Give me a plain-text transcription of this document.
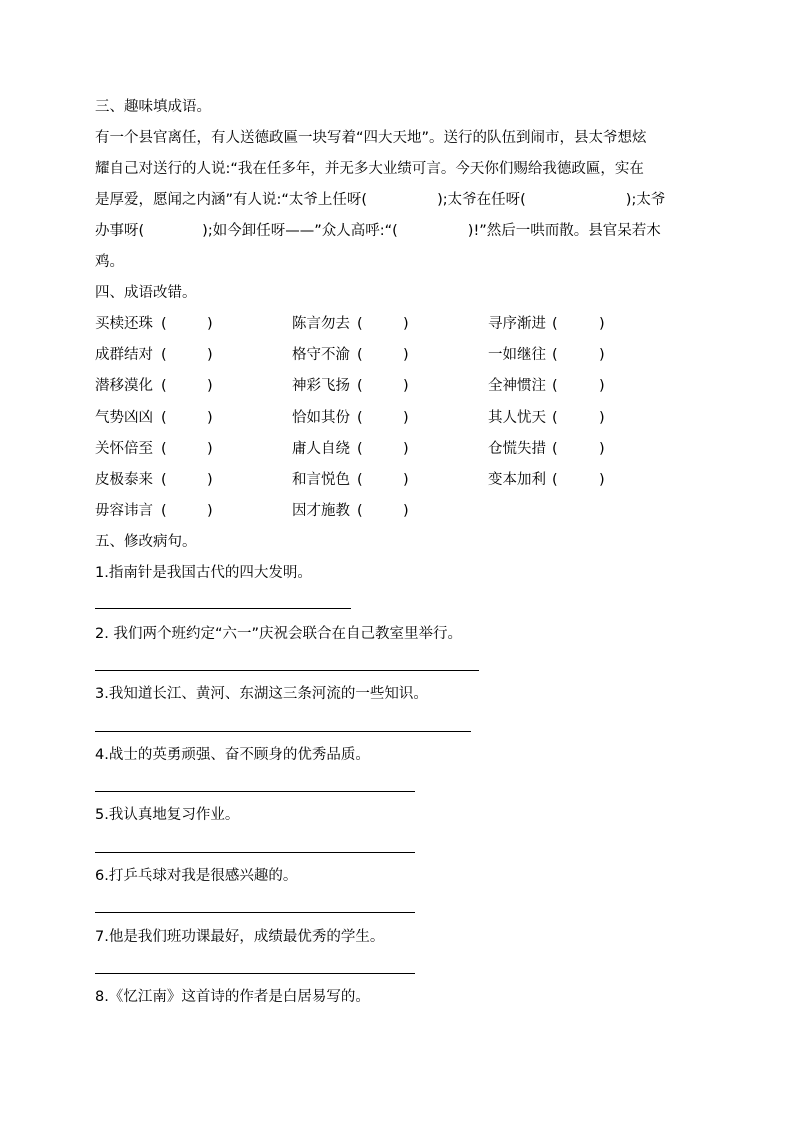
三、趣味填成语。
有一个县官离任，有人送德政匾一块写着“四大天地”。送行的队伍到闹市，县太爷想炫
耀自己对送行的人说:“我在任多年，并无多大业绩可言。今天你们赐给我德政匾，实在
是厚爱，愿闻之内涵”有人说:“太爷上任呀(	);太爷在任呀(	);太爷
办事呀(	);如今卸任呀——”众人高呼:“(	)!”然后一哄而散。县官呆若木
鸡。
四、成语改错。
买椟还珠 (	)	陈言勿去 (	)	寻序渐进 (	)
成群结对 (	)	格守不渝 (	)	一如继往 (	)
潜移漠化 (	)	神彩飞扬 (	)	全神惯注 (	)
气势凶凶 (	)	恰如其份 (	)	其人忧天 (	)
关怀倍至 (	)	庸人自绕 (	)	仓慌失措 (	)
皮极泰来 (	)	和言悦色 (	)	变本加利 (	)
毋容讳言 (	)	因才施教 (	)
五、修改病句。
1.指南针是我国古代的四大发明。
2. 我们两个班约定“六一”庆祝会联合在自己教室里举行。
3.我知道长江、黄河、东湖这三条河流的一些知识。
4.战士的英勇顽强、奋不顾身的优秀品质。
5.我认真地复习作业。
6.打乒乓球对我是很感兴趣的。
7.他是我们班功课最好，成绩最优秀的学生。
8.《忆江南》这首诗的作者是白居易写的。
